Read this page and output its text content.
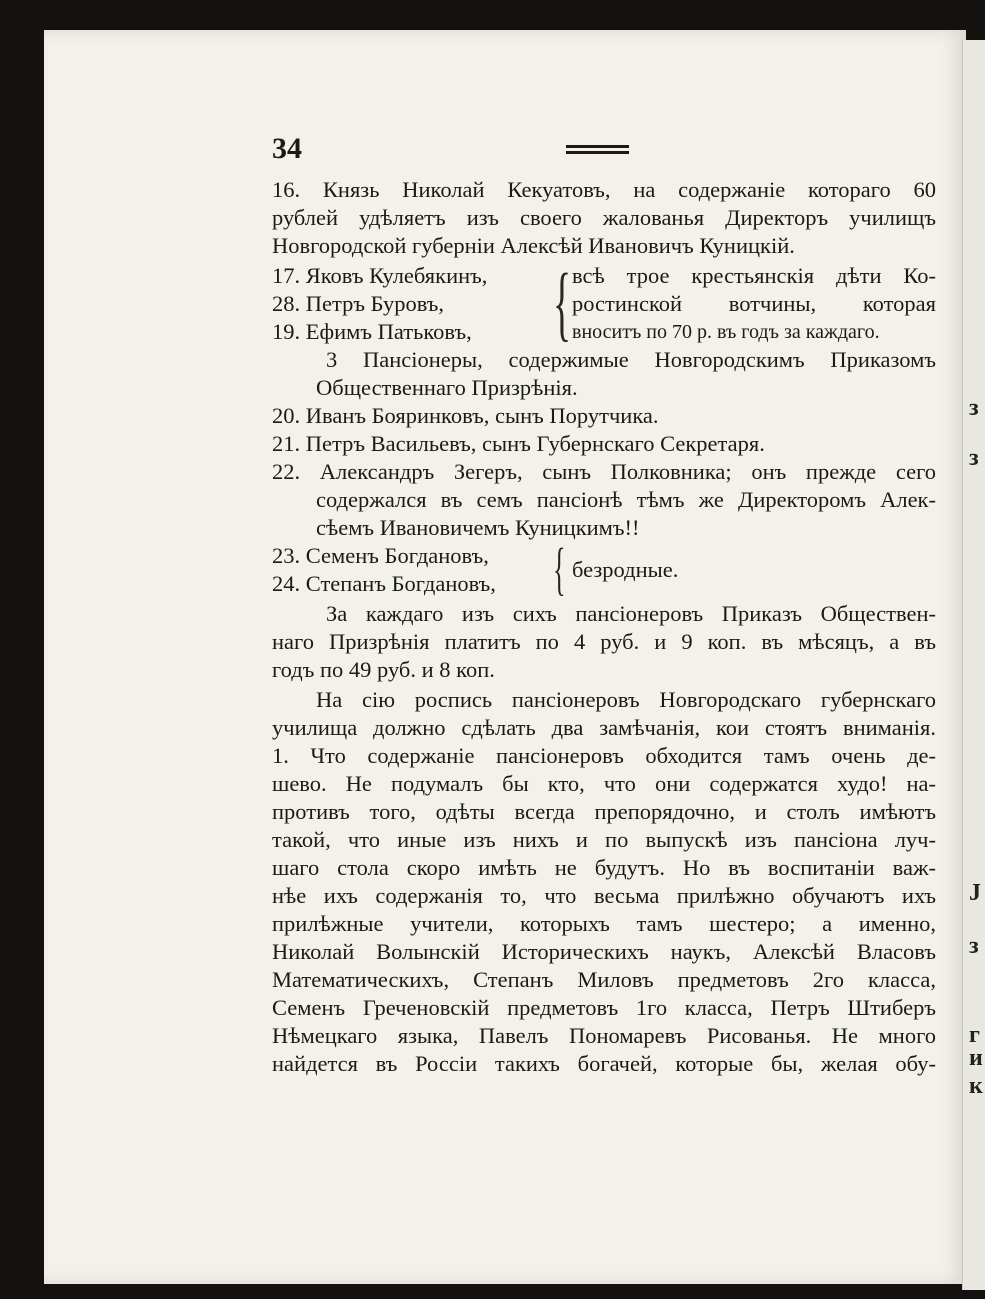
з
з
J
з
г
и
к
34
16. Князь Николай Кекуатовъ, на содержаніе котораго 60
рублей удѣляетъ изъ своего жалованья Директоръ училищъ
Новгородской губерніи Алексѣй Ивановичъ Куницкій.
17. Яковъ Кулебякинъ,
28. Петръ Буровъ,
19. Ефимъ Патьковъ, { всѣ трое крестьянскія дѣти Ко-
ростинской вотчины, которая
вноситъ по 70 р. въ годъ за каждаго.
3 Пансіонеры, содержимые Новгородскимъ Приказомъ
Общественнаго Призрѣнія.
20. Иванъ Бояринковъ, сынъ Порутчика.
21. Петръ Васильевъ, сынъ Губернскаго Секретаря.
22. Александръ Зегеръ, сынъ Полковника; онъ прежде сего
содержался въ семъ пансіонѣ тѣмъ же Директоромъ Алек-
сѣемъ Ивановичемъ Куницкимъ!!
23. Семенъ Богдановъ,
24. Степанъ Богдановъ, { безродные.
За каждаго изъ сихъ пансіонеровъ Приказъ Обществен-
наго Призрѣнія платитъ по 4 руб. и 9 коп. въ мѣсяцъ, а въ
годъ по 49 руб. и 8 коп.
На сію роспись пансіонеровъ Новгородскаго губернскаго
училища должно сдѣлать два замѣчанія, кои стоятъ вниманія.
1. Что содержаніе пансіонеровъ обходится тамъ очень де-
шево. Не подумалъ бы кто, что они содержатся худо! на-
противъ того, одѣты всегда препорядочно, и столъ имѣютъ
такой, что иные изъ нихъ и по выпускѣ изъ пансіона луч-
шаго стола скоро имѣть не будутъ. Но въ воспитаніи важ-
нѣе ихъ содержанія то, что весьма прилѣжно обучаютъ ихъ
прилѣжные учители, которыхъ тамъ шестеро; а именно,
Николай Волынскій Историческихъ наукъ, Алексѣй Власовъ
Математическихъ, Степанъ Миловъ предметовъ 2го класса,
Семенъ Греченовскій предметовъ 1го класса, Петръ Штиберъ
Нѣмецкаго языка, Павелъ Пономаревъ Рисованья. Не много
найдется въ Россіи такихъ богачей, которые бы, желая обу-
